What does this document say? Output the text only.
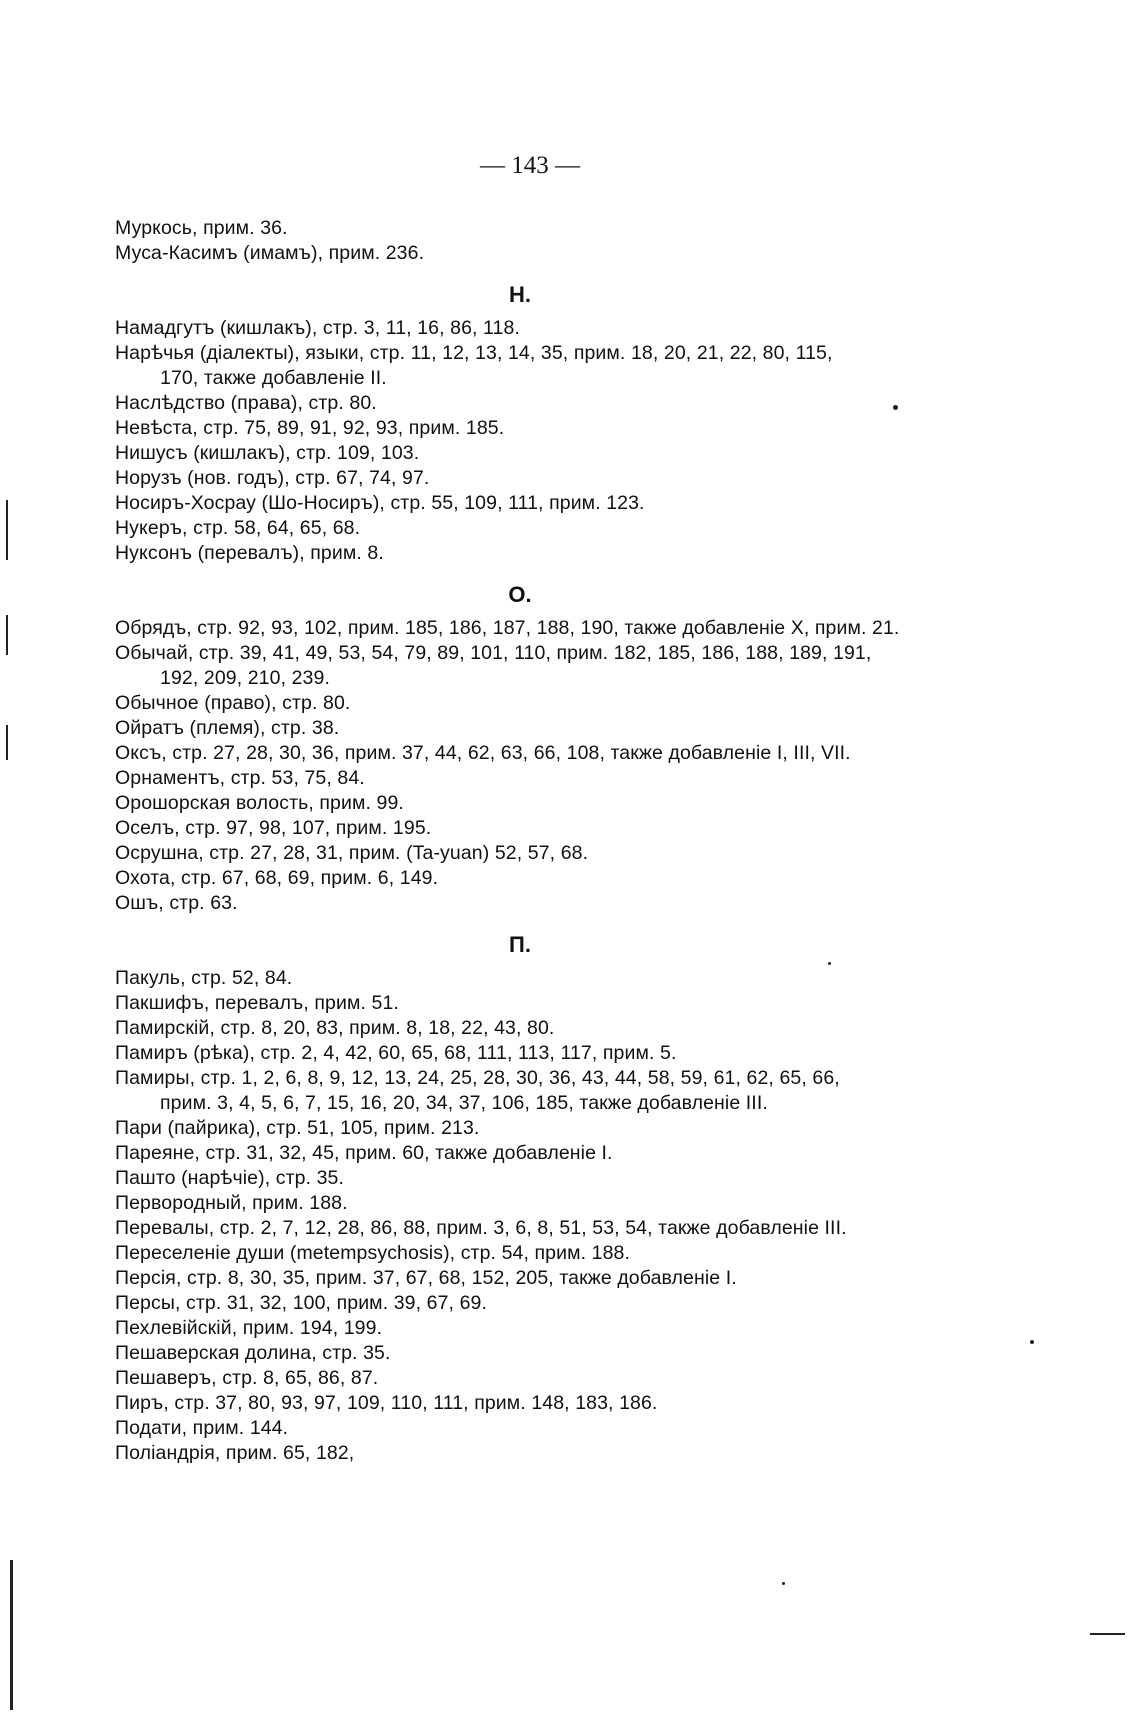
— 143 —
Муркось, прим. 36.
Муса-Касимъ (имамъ), прим. 236.
Н.
Намадгутъ (кишлакъ), стр. 3, 11, 16, 86, 118.
Нарѣчья (діалекты), языки, стр. 11, 12, 13, 14, 35, прим. 18, 20, 21, 22, 80, 115,
170, также добавленіе II.
Наслѣдство (права), стр. 80.
Невѣста, стр. 75, 89, 91, 92, 93, прим. 185.
Нишусъ (кишлакъ), стр. 109, 103.
Норузъ (нов. годъ), стр. 67, 74, 97.
Носиръ-Хосрау (Шо-Носиръ), стр. 55, 109, 111, прим. 123.
Нукеръ, стр. 58, 64, 65, 68.
Нуксонъ (перевалъ), прим. 8.
О.
Обрядъ, стр. 92, 93, 102, прим. 185, 186, 187, 188, 190, также добавленіе X, прим. 21.
Обычай, стр. 39, 41, 49, 53, 54, 79, 89, 101, 110, прим. 182, 185, 186, 188, 189, 191,
192, 209, 210, 239.
Обычное (право), стр. 80.
Ойратъ (племя), стр. 38.
Оксъ, стр. 27, 28, 30, 36, прим. 37, 44, 62, 63, 66, 108, также добавленіе I, III, VII.
Орнаментъ, стр. 53, 75, 84.
Орошорская волость, прим. 99.
Оселъ, стр. 97, 98, 107, прим. 195.
Осрушна, стр. 27, 28, 31, прим. (Ta-yuan) 52, 57, 68.
Охота, стр. 67, 68, 69, прим. 6, 149.
Ошъ, стр. 63.
П.
Пакуль, стр. 52, 84.
Пакшифъ, перевалъ, прим. 51.
Памирскій, стр. 8, 20, 83, прим. 8, 18, 22, 43, 80.
Памиръ (рѣка), стр. 2, 4, 42, 60, 65, 68, 111, 113, 117, прим. 5.
Памиры, стр. 1, 2, 6, 8, 9, 12, 13, 24, 25, 28, 30, 36, 43, 44, 58, 59, 61, 62, 65, 66,
прим. 3, 4, 5, 6, 7, 15, 16, 20, 34, 37, 106, 185, также добавленіе III.
Пари (пайрика), стр. 51, 105, прим. 213.
Пареяне, стр. 31, 32, 45, прим. 60, также добавленіе I.
Пашто (нарѣчіе), стр. 35.
Первородный, прим. 188.
Перевалы, стр. 2, 7, 12, 28, 86, 88, прим. 3, 6, 8, 51, 53, 54, также добавленіе III.
Переселеніе души (metempsychosis), стр. 54, прим. 188.
Персія, стр. 8, 30, 35, прим. 37, 67, 68, 152, 205, также добавленіе I.
Персы, стр. 31, 32, 100, прим. 39, 67, 69.
Пехлевійскій, прим. 194, 199.
Пешаверская долина, стр. 35.
Пешаверъ, стр. 8, 65, 86, 87.
Пиръ, стр. 37, 80, 93, 97, 109, 110, 111, прим. 148, 183, 186.
Подати, прим. 144.
Поліандрія, прим. 65, 182,
